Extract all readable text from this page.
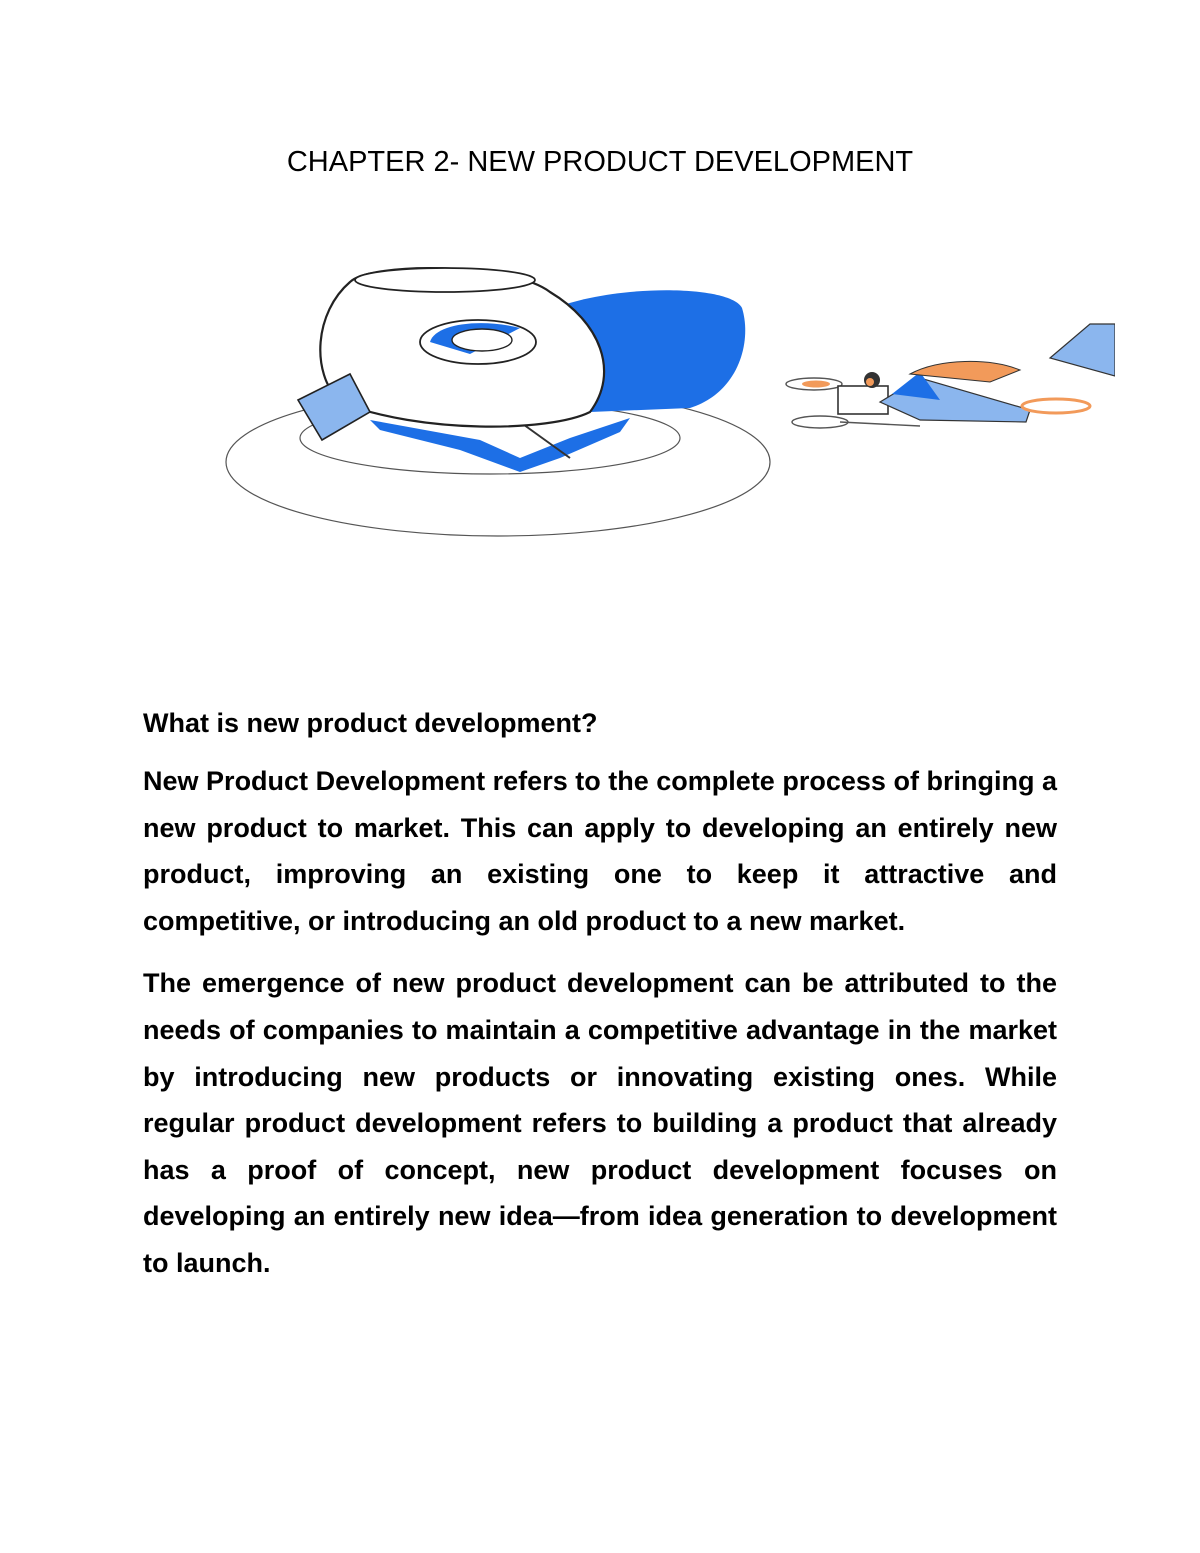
CHAPTER 2- NEW PRODUCT DEVELOPMENT

What is new product development?

New Product Development refers to the complete process of bringing a new product to market. This can apply to developing an entirely new product, improving an existing one to keep it attractive and competitive, or introducing an old product to a new market.

The emergence of new product development can be attributed to the needs of companies to maintain a competitive advantage in the market by introducing new products or innovating existing ones. While regular product development refers to building a product that already has a proof of concept, new product development focuses on developing an entirely new idea—from idea generation to development to launch.
